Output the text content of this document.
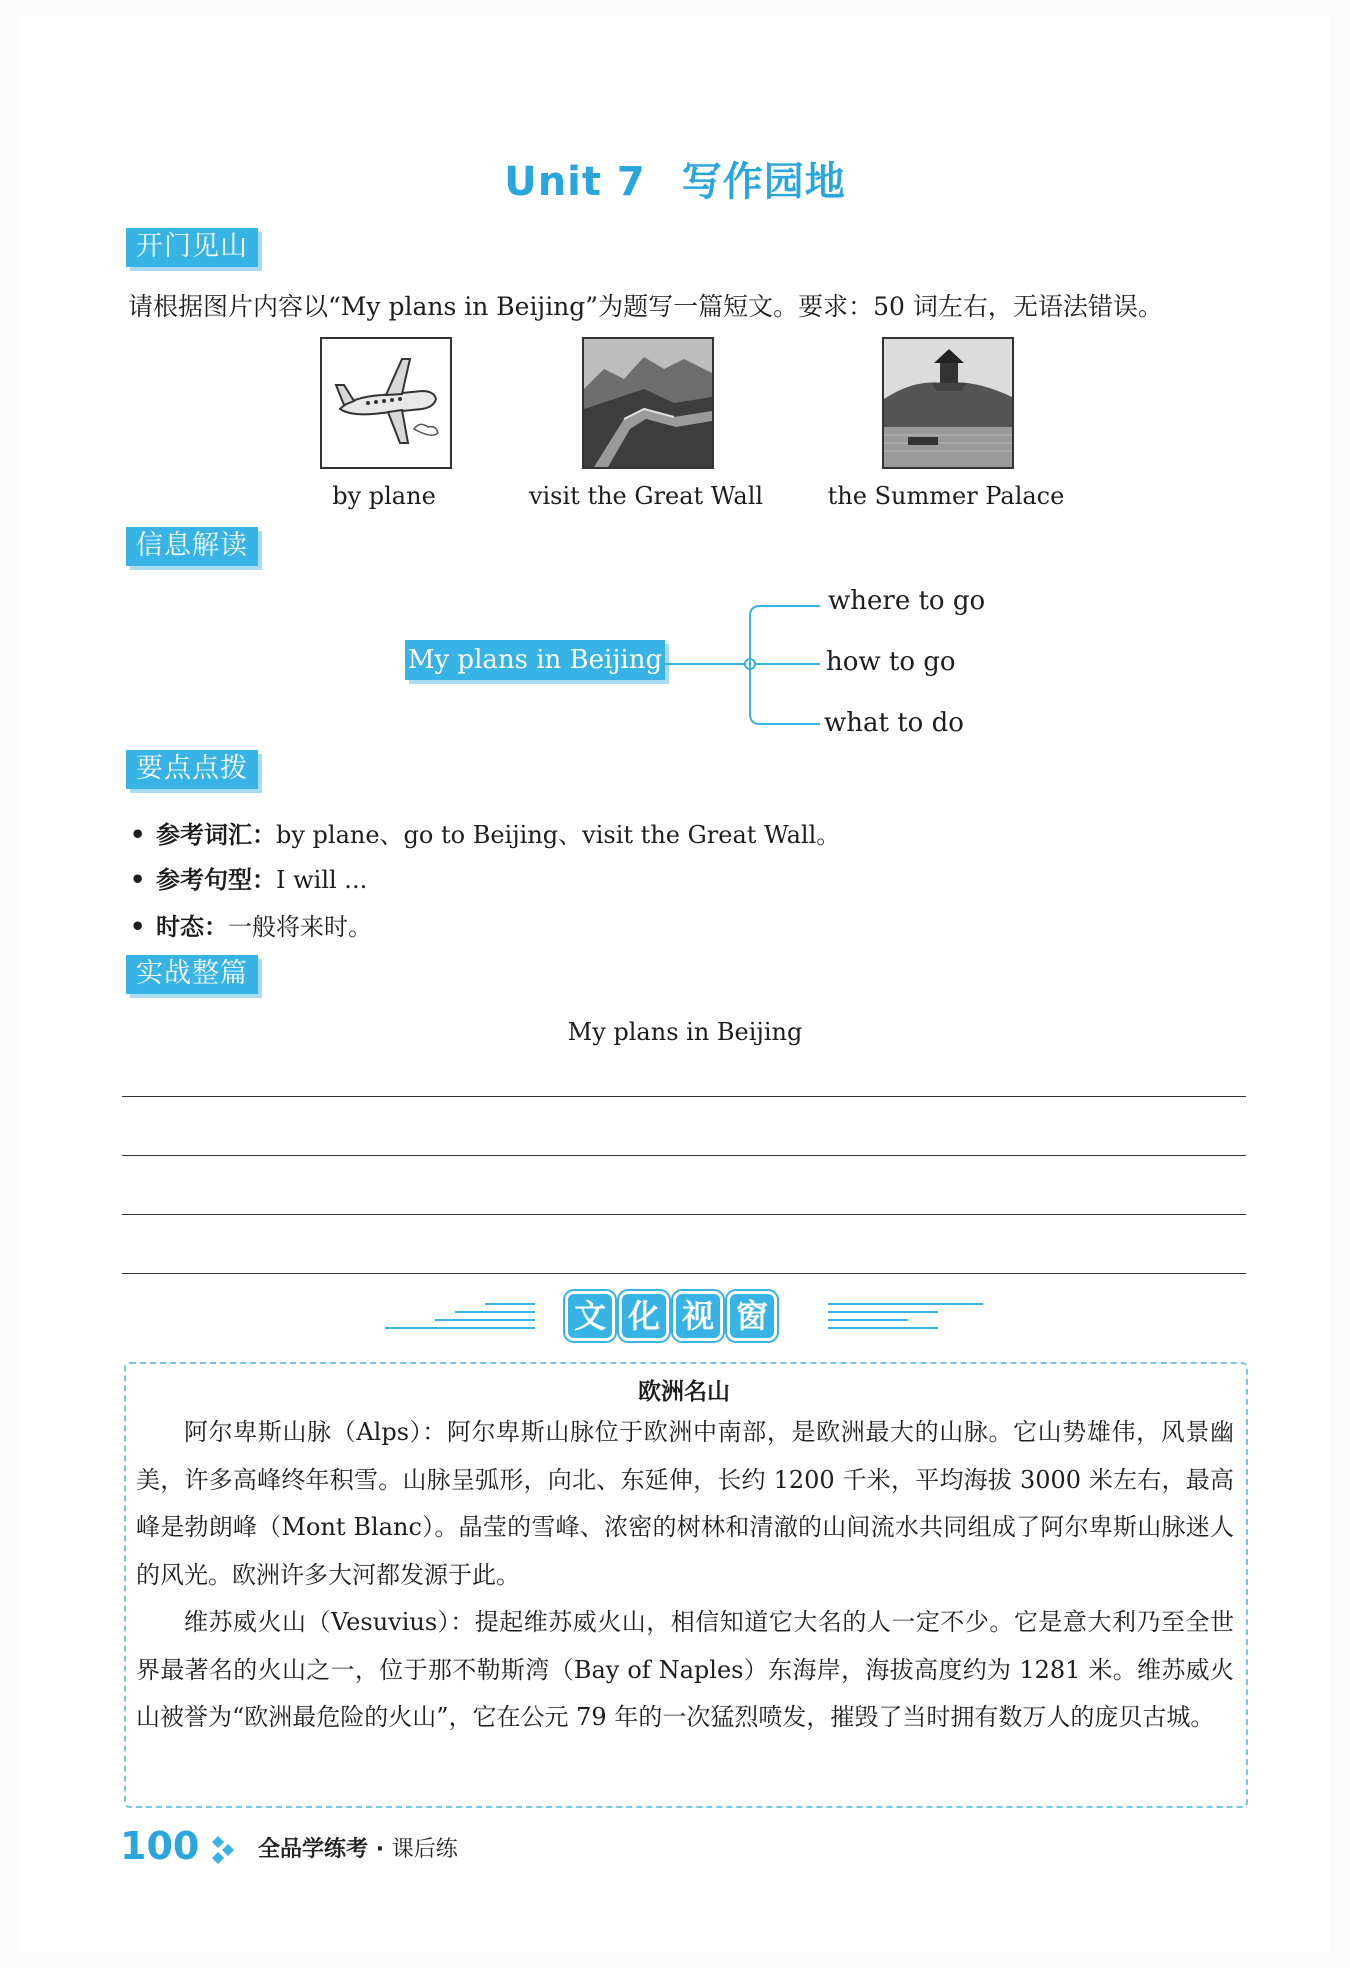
Unit 7 写作园地
开门见山
请根据图片内容以“My plans in Beijing”为题写一篇短文。要求：50 词左右，无语法错误。
by plane	visit the Great Wall	the Summer Palace
信息解读
My plans in Beijing
where to go
how to go
what to do
要点点拨
• 参考词汇：by plane、go to Beijing、visit the Great Wall。
• 参考句型：I will ...
• 时态：一般将来时。
实战整篇
My plans in Beijing
文 化 视 窗
欧洲名山

阿尔卑斯山脉（Alps）：阿尔卑斯山脉位于欧洲中南部，是欧洲最大的山脉。它山势雄伟，风景幽美，许多高峰终年积雪。山脉呈弧形，向北、东延伸，长约 1200 千米，平均海拔 3000 米左右，最高峰是勃朗峰（Mont Blanc）。晶莹的雪峰、浓密的树林和清澈的山间流水共同组成了阿尔卑斯山脉迷人的风光。欧洲许多大河都发源于此。

维苏威火山（Vesuvius）：提起维苏威火山，相信知道它大名的人一定不少。它是意大利乃至全世界最著名的火山之一，位于那不勒斯湾（Bay of Naples）东海岸，海拔高度约为 1281 米。维苏威火山被誉为“欧洲最危险的火山”，它在公元 79 年的一次猛烈喷发，摧毁了当时拥有数万人的庞贝古城。

100	全品学练考 · 课后练
